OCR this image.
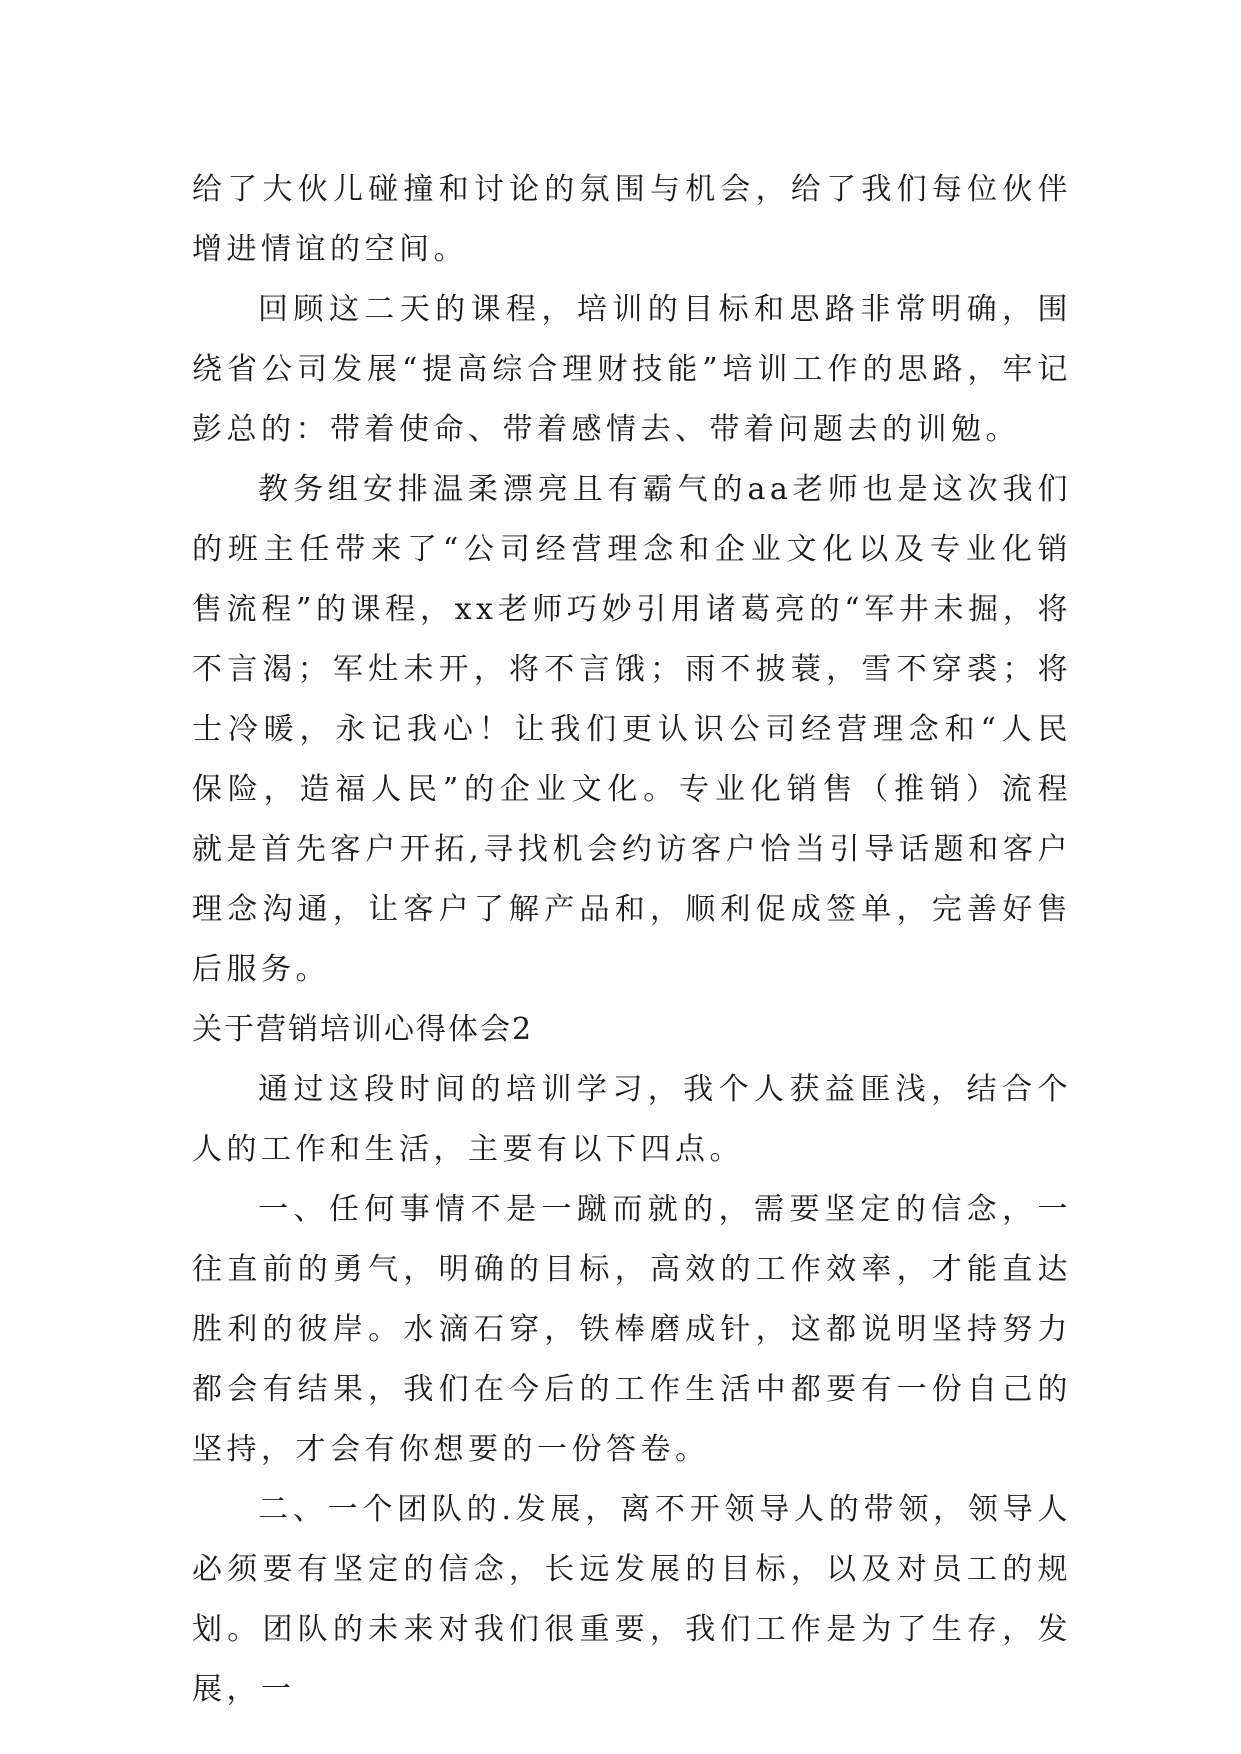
给了大伙儿碰撞和讨论的氛围与机会，给了我们每位伙伴增进情谊的空间。

回顾这二天的课程，培训的目标和思路非常明确，围绕省公司发展“提高综合理财技能”培训工作的思路，牢记彭总的：带着使命、带着感情去、带着问题去的训勉。

教务组安排温柔漂亮且有霸气的aa老师也是这次我们的班主任带来了“公司经营理念和企业文化以及专业化销售流程”的课程，xx老师巧妙引用诸葛亮的“军井未掘，将不言渴；军灶未开，将不言饿；雨不披蓑，雪不穿裘；将士冷暖，永记我心！让我们更认识公司经营理念和“人民保险，造福人民”的企业文化。专业化销售（推销）流程就是首先客户开拓,寻找机会约访客户恰当引导话题和客户理念沟通，让客户了解产品和，顺利促成签单，完善好售后服务。

关于营销培训心得体会2

通过这段时间的培训学习，我个人获益匪浅，结合个人的工作和生活，主要有以下四点。

一、任何事情不是一蹴而就的，需要坚定的信念，一往直前的勇气，明确的目标，高效的工作效率，才能直达胜利的彼岸。水滴石穿，铁棒磨成针，这都说明坚持努力都会有结果，我们在今后的工作生活中都要有一份自己的坚持，才会有你想要的一份答卷。

二、一个团队的.发展，离不开领导人的带领，领导人必须要有坚定的信念，长远发展的目标，以及对员工的规划。团队的未来对我们很重要，我们工作是为了生存，发展，一
